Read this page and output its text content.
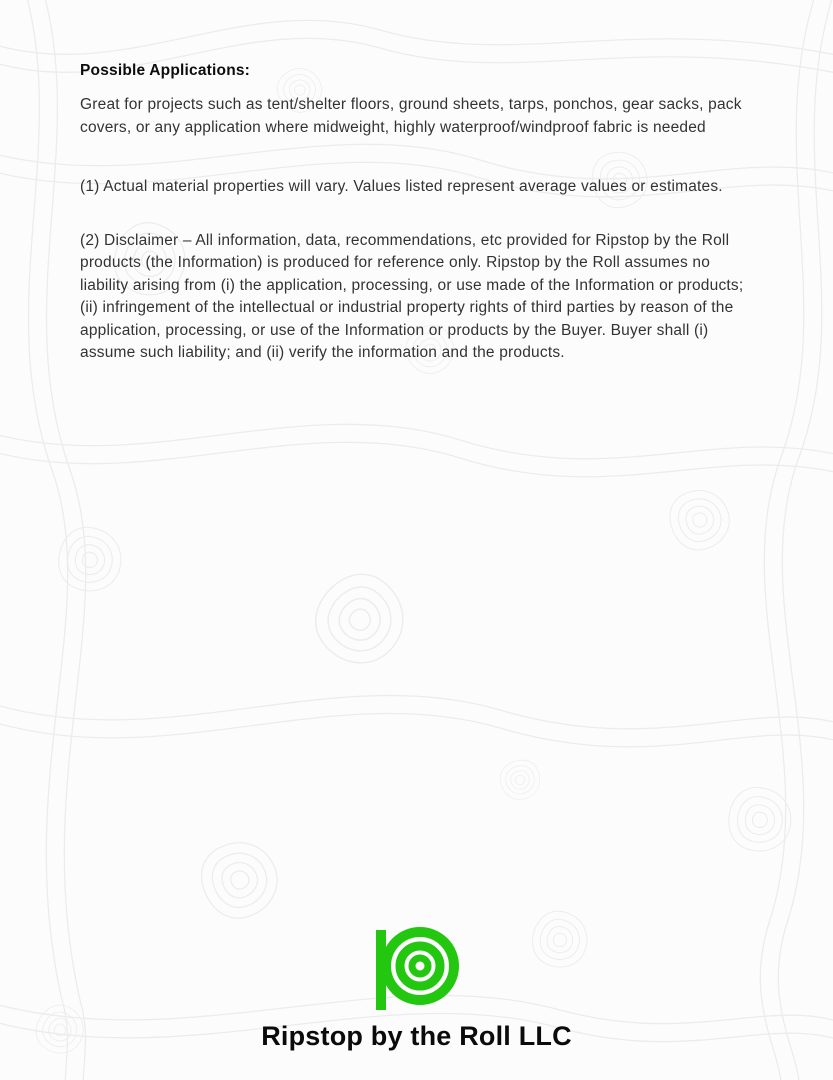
Possible Applications:

Great for projects such as tent/shelter floors, ground sheets, tarps, ponchos, gear sacks, pack covers, or any application where midweight, highly waterproof/windproof fabric is needed

(1) Actual material properties will vary. Values listed represent average values or estimates.

(2) Disclaimer – All information, data, recommendations, etc provided for Ripstop by the Roll products (the Information) is produced for reference only. Ripstop by the Roll assumes no liability arising from (i) the application, processing, or use made of the Information or products; (ii) infringement of the intellectual or industrial property rights of third parties by reason of the application, processing, or use of the Information or products by the Buyer. Buyer shall (i) assume such liability; and (ii) verify the information and the products.

Ripstop by the Roll LLC
